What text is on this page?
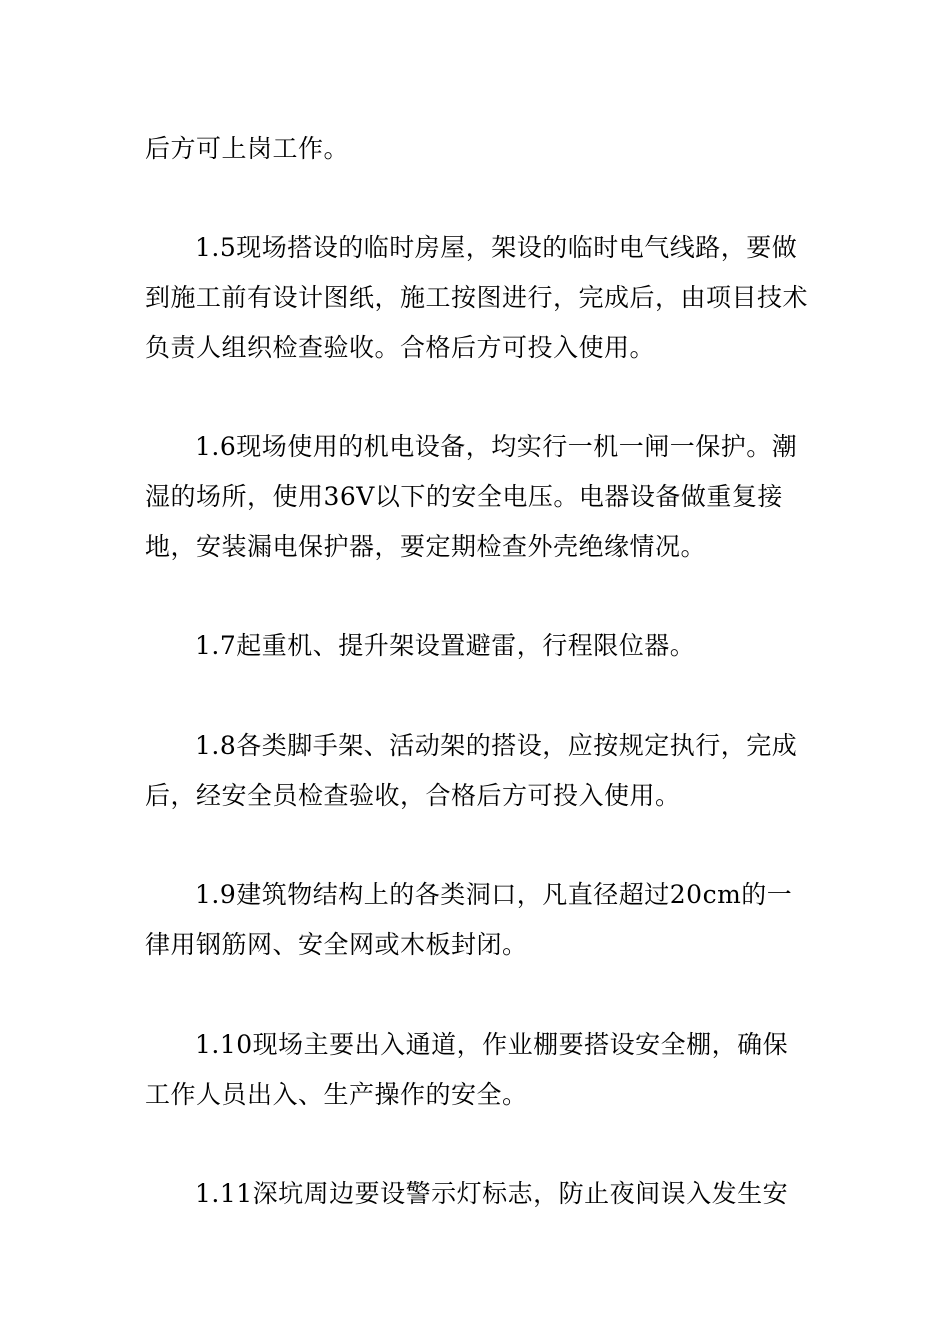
后方可上岗工作。

1.5现场搭设的临时房屋，架设的临时电气线路，要做到施工前有设计图纸，施工按图进行，完成后，由项目技术负责人组织检查验收。合格后方可投入使用。

1.6现场使用的机电设备，均实行一机一闸一保护。潮湿的场所，使用36V以下的安全电压。电器设备做重复接地，安装漏电保护器，要定期检查外壳绝缘情况。

1.7起重机、提升架设置避雷，行程限位器。

1.8各类脚手架、活动架的搭设，应按规定执行，完成后，经安全员检查验收，合格后方可投入使用。

1.9建筑物结构上的各类洞口，凡直径超过20cm的一律用钢筋网、安全网或木板封闭。

1.10现场主要出入通道，作业棚要搭设安全棚，确保工作人员出入、生产操作的安全。

1.11深坑周边要设警示灯标志，防止夜间误入发生安
